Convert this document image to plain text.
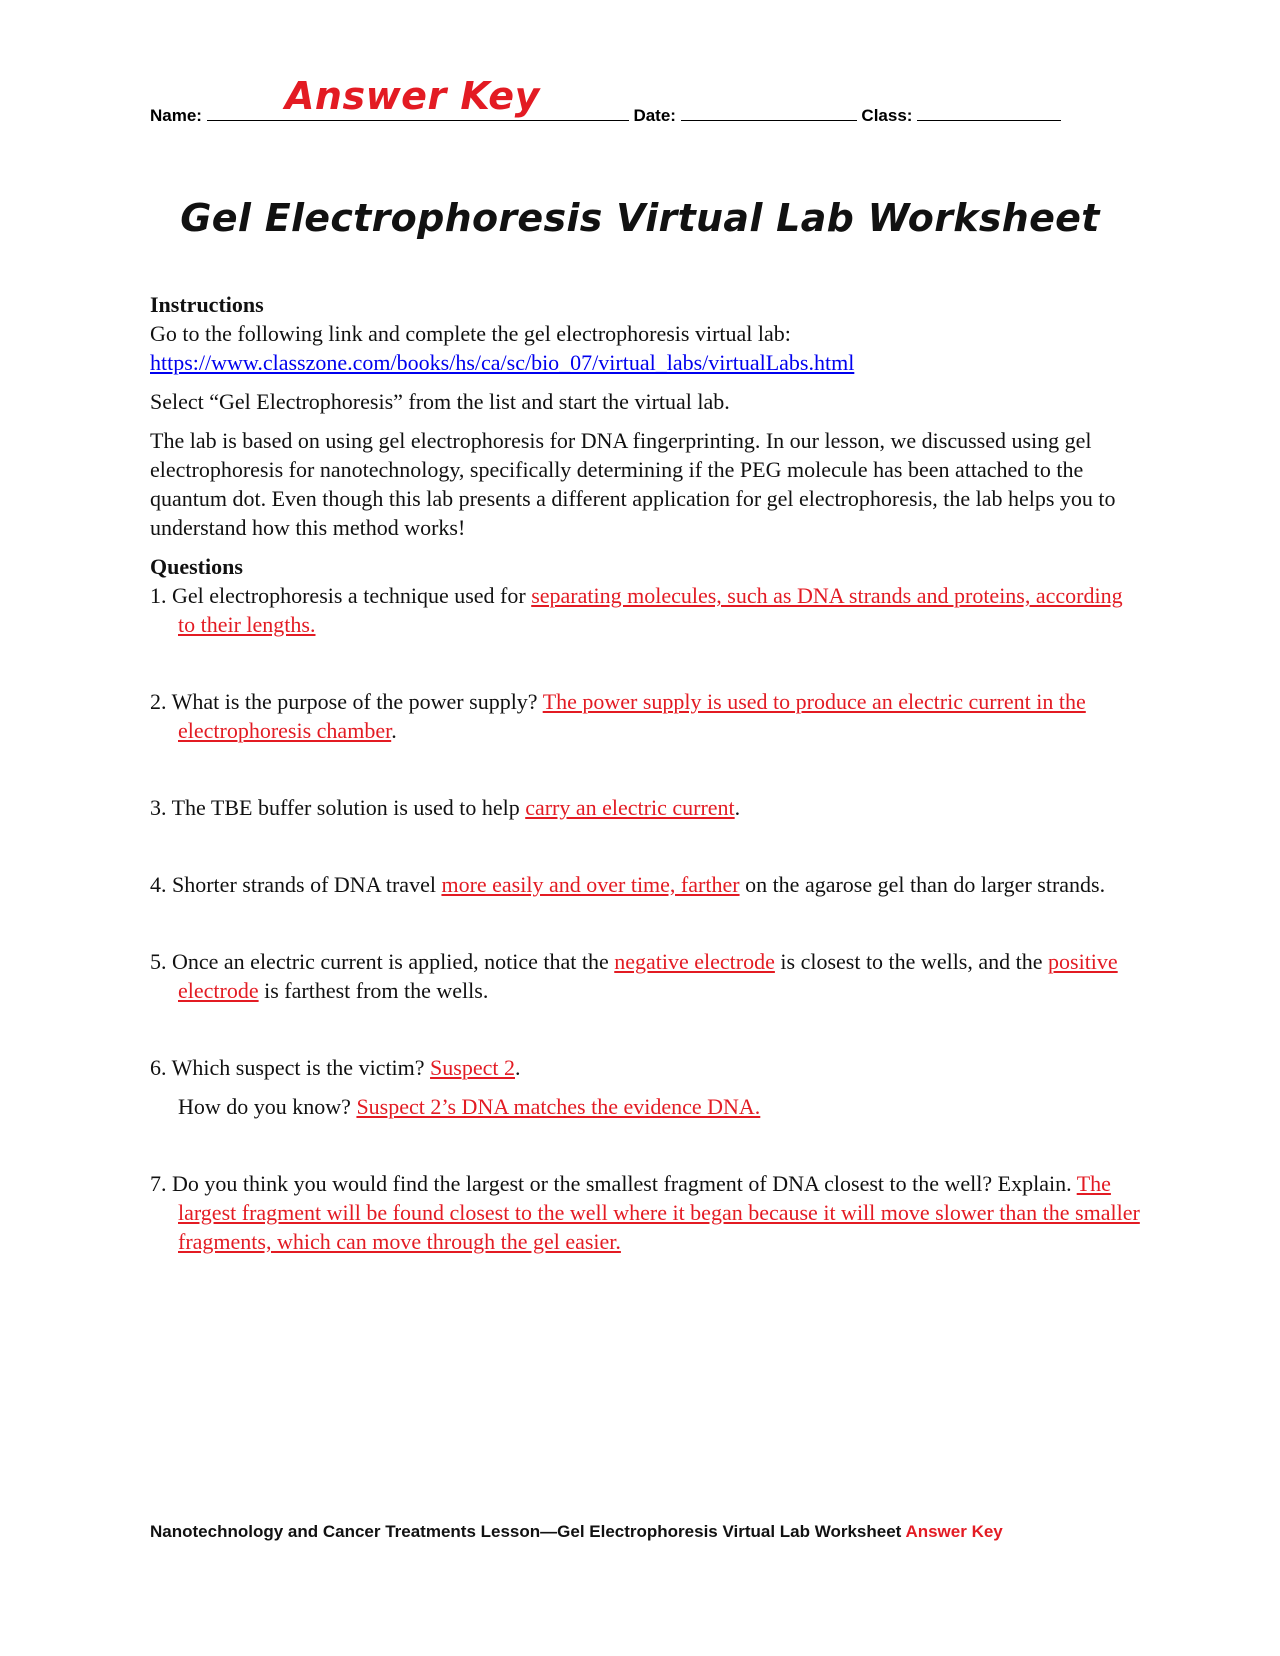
Answer Key
Name:	Date:	Class:
Gel Electrophoresis Virtual Lab Worksheet
Instructions

Go to the following link and complete the gel electrophoresis virtual lab:

https://www.classzone.com/books/hs/ca/sc/bio_07/virtual_labs/virtualLabs.html

Select “Gel Electrophoresis” from the list and start the virtual lab.

The lab is based on using gel electrophoresis for DNA fingerprinting. In our lesson, we discussed using gel electrophoresis for nanotechnology, specifically determining if the PEG molecule has been attached to the quantum dot. Even though this lab presents a different application for gel electrophoresis, the lab helps you to understand how this method works!

Questions

1. Gel electrophoresis a technique used for separating molecules, such as DNA strands and proteins, according to their lengths.

2. What is the purpose of the power supply? The power supply is used to produce an electric current in the electrophoresis chamber.

3. The TBE buffer solution is used to help carry an electric current.

4. Shorter strands of DNA travel more easily and over time, farther on the agarose gel than do larger strands.

5. Once an electric current is applied, notice that the negative electrode is closest to the wells, and the positive electrode is farthest from the wells.

6. Which suspect is the victim? Suspect 2.

How do you know? Suspect 2’s DNA matches the evidence DNA.

7. Do you think you would find the largest or the smallest fragment of DNA closest to the well? Explain. The largest fragment will be found closest to the well where it began because it will move slower than the smaller fragments, which can move through the gel easier.

Nanotechnology and Cancer Treatments Lesson—Gel Electrophoresis Virtual Lab Worksheet Answer Key
